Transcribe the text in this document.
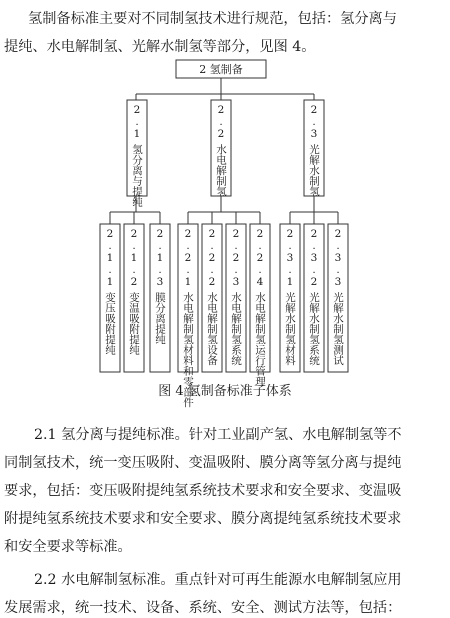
氢制备标准主要对不同制氢技术进行规范，包括：氢分离与
提纯、水电解制氢、光解水制氢等部分，见图 4。
2 氢制备
2.1
氢分离与提纯
2.2
水电解制氢
2.3
光解水制氢
2.1.1
变压吸附提纯
2.1.2
变温吸附提纯
2.1.3
膜分离提纯
2.2.1
水电解制氢材料和零部件
2.2.2
水电解制氢设备
2.2.3
水电解制氢系统
2.2.4
水电解制氢运行管理
2.3.1
光解水制氢材料
2.3.2
光解水制氢系统
2.3.3
光解水制氢测试
图 4 氢制备标准子体系
2.1 氢分离与提纯标准。针对工业副产氢、水电解制氢等不
同制氢技术，统一变压吸附、变温吸附、膜分离等氢分离与提纯
要求，包括：变压吸附提纯氢系统技术要求和安全要求、变温吸
附提纯氢系统技术要求和安全要求、膜分离提纯氢系统技术要求
和安全要求等标准。
2.2 水电解制氢标准。重点针对可再生能源水电解制氢应用
发展需求，统一技术、设备、系统、安全、测试方法等，包括：
